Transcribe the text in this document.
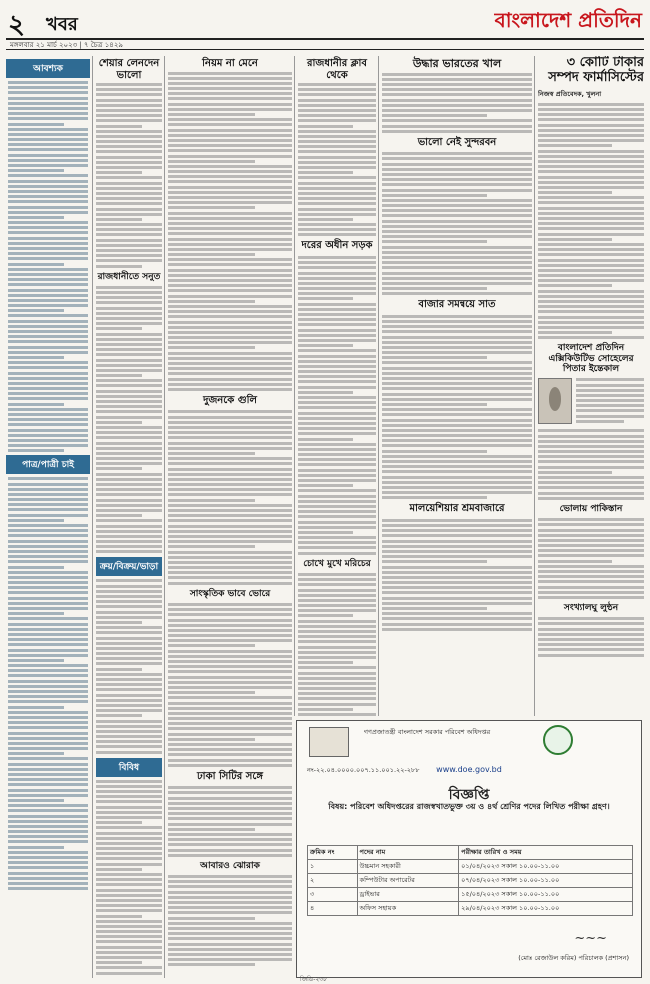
২ খবর	বাংলাদেশ প্রতিদিন
মঙ্গলবার ২১ মার্চ ২০২৩ | ৭ চৈত্র ১৪২৯
আবশ্যক
পাত্র/পাত্রী চাই
শেয়ার লেনদেন ভালো
রাজধানীতে সনুত
ক্রয়/বিক্রয়/ভাড়া
বিবিধ
নিয়ম না মেনে
দুজনকে গুলি
সাংস্কৃতিক ভাবে ভোরে
ঢাকা সিটির সঙ্গে
আবারও ঝোরাক
রাজধানীর ক্লাব থেকে
দরের অধীন সড়ক
চোখে মুখে মরিচের
উদ্ধার ভারতের খাল
ভালো নেই সুন্দরবন
বাজার সমন্বয়ে সাত
মালয়েশিয়ার শ্রমবাজারে
৩ কোটি টাকার সম্পদ ফার্মাসিস্টের
নিজস্ব প্রতিবেদক, খুলনা
বাংলাদেশ প্রতিদিন এক্সিকিউটিভ সোহেলের পিতার ইন্তেকাল
ভোলায় পাকিস্তান
সংখ্যালঘু লুন্ঠন
গণপ্রজাতন্ত্রী বাংলাদেশ সরকার পরিবেশ অধিদপ্তর
নং-২২.০৪.০০০০.০০৭.১১.০০১.২২-২৮৮	www.doe.gov.bd
বিজ্ঞপ্তি
বিষয়: পরিবেশ অধিদপ্তরের রাজস্বখাতভুক্ত ৩য় ও ৪র্থ শ্রেণির পদের লিখিত পরীক্ষা গ্রহণ।
ক্রমিক নং	পদের নাম	পরীক্ষার তারিখ ও সময়
১	উচ্চমান সহকারী	০১/০৪/২০২৩ সকাল ১০.০০-১১.০০
২	কম্পিউটার অপারেটর	০৭/০৪/২০২৩ সকাল ১০.০০-১১.০০
৩	ড্রাইভার	১৫/০৪/২০২৩ সকাল ১০.০০-১১.০০
৪	অফিস সহায়ক	২৯/০৪/২০২৩ সকাল ১০.০০-১১.০০
~~~
(মোঃ রেজাউল করিম) পরিচালক (প্রশাসন)
জিডি-২৩৮
